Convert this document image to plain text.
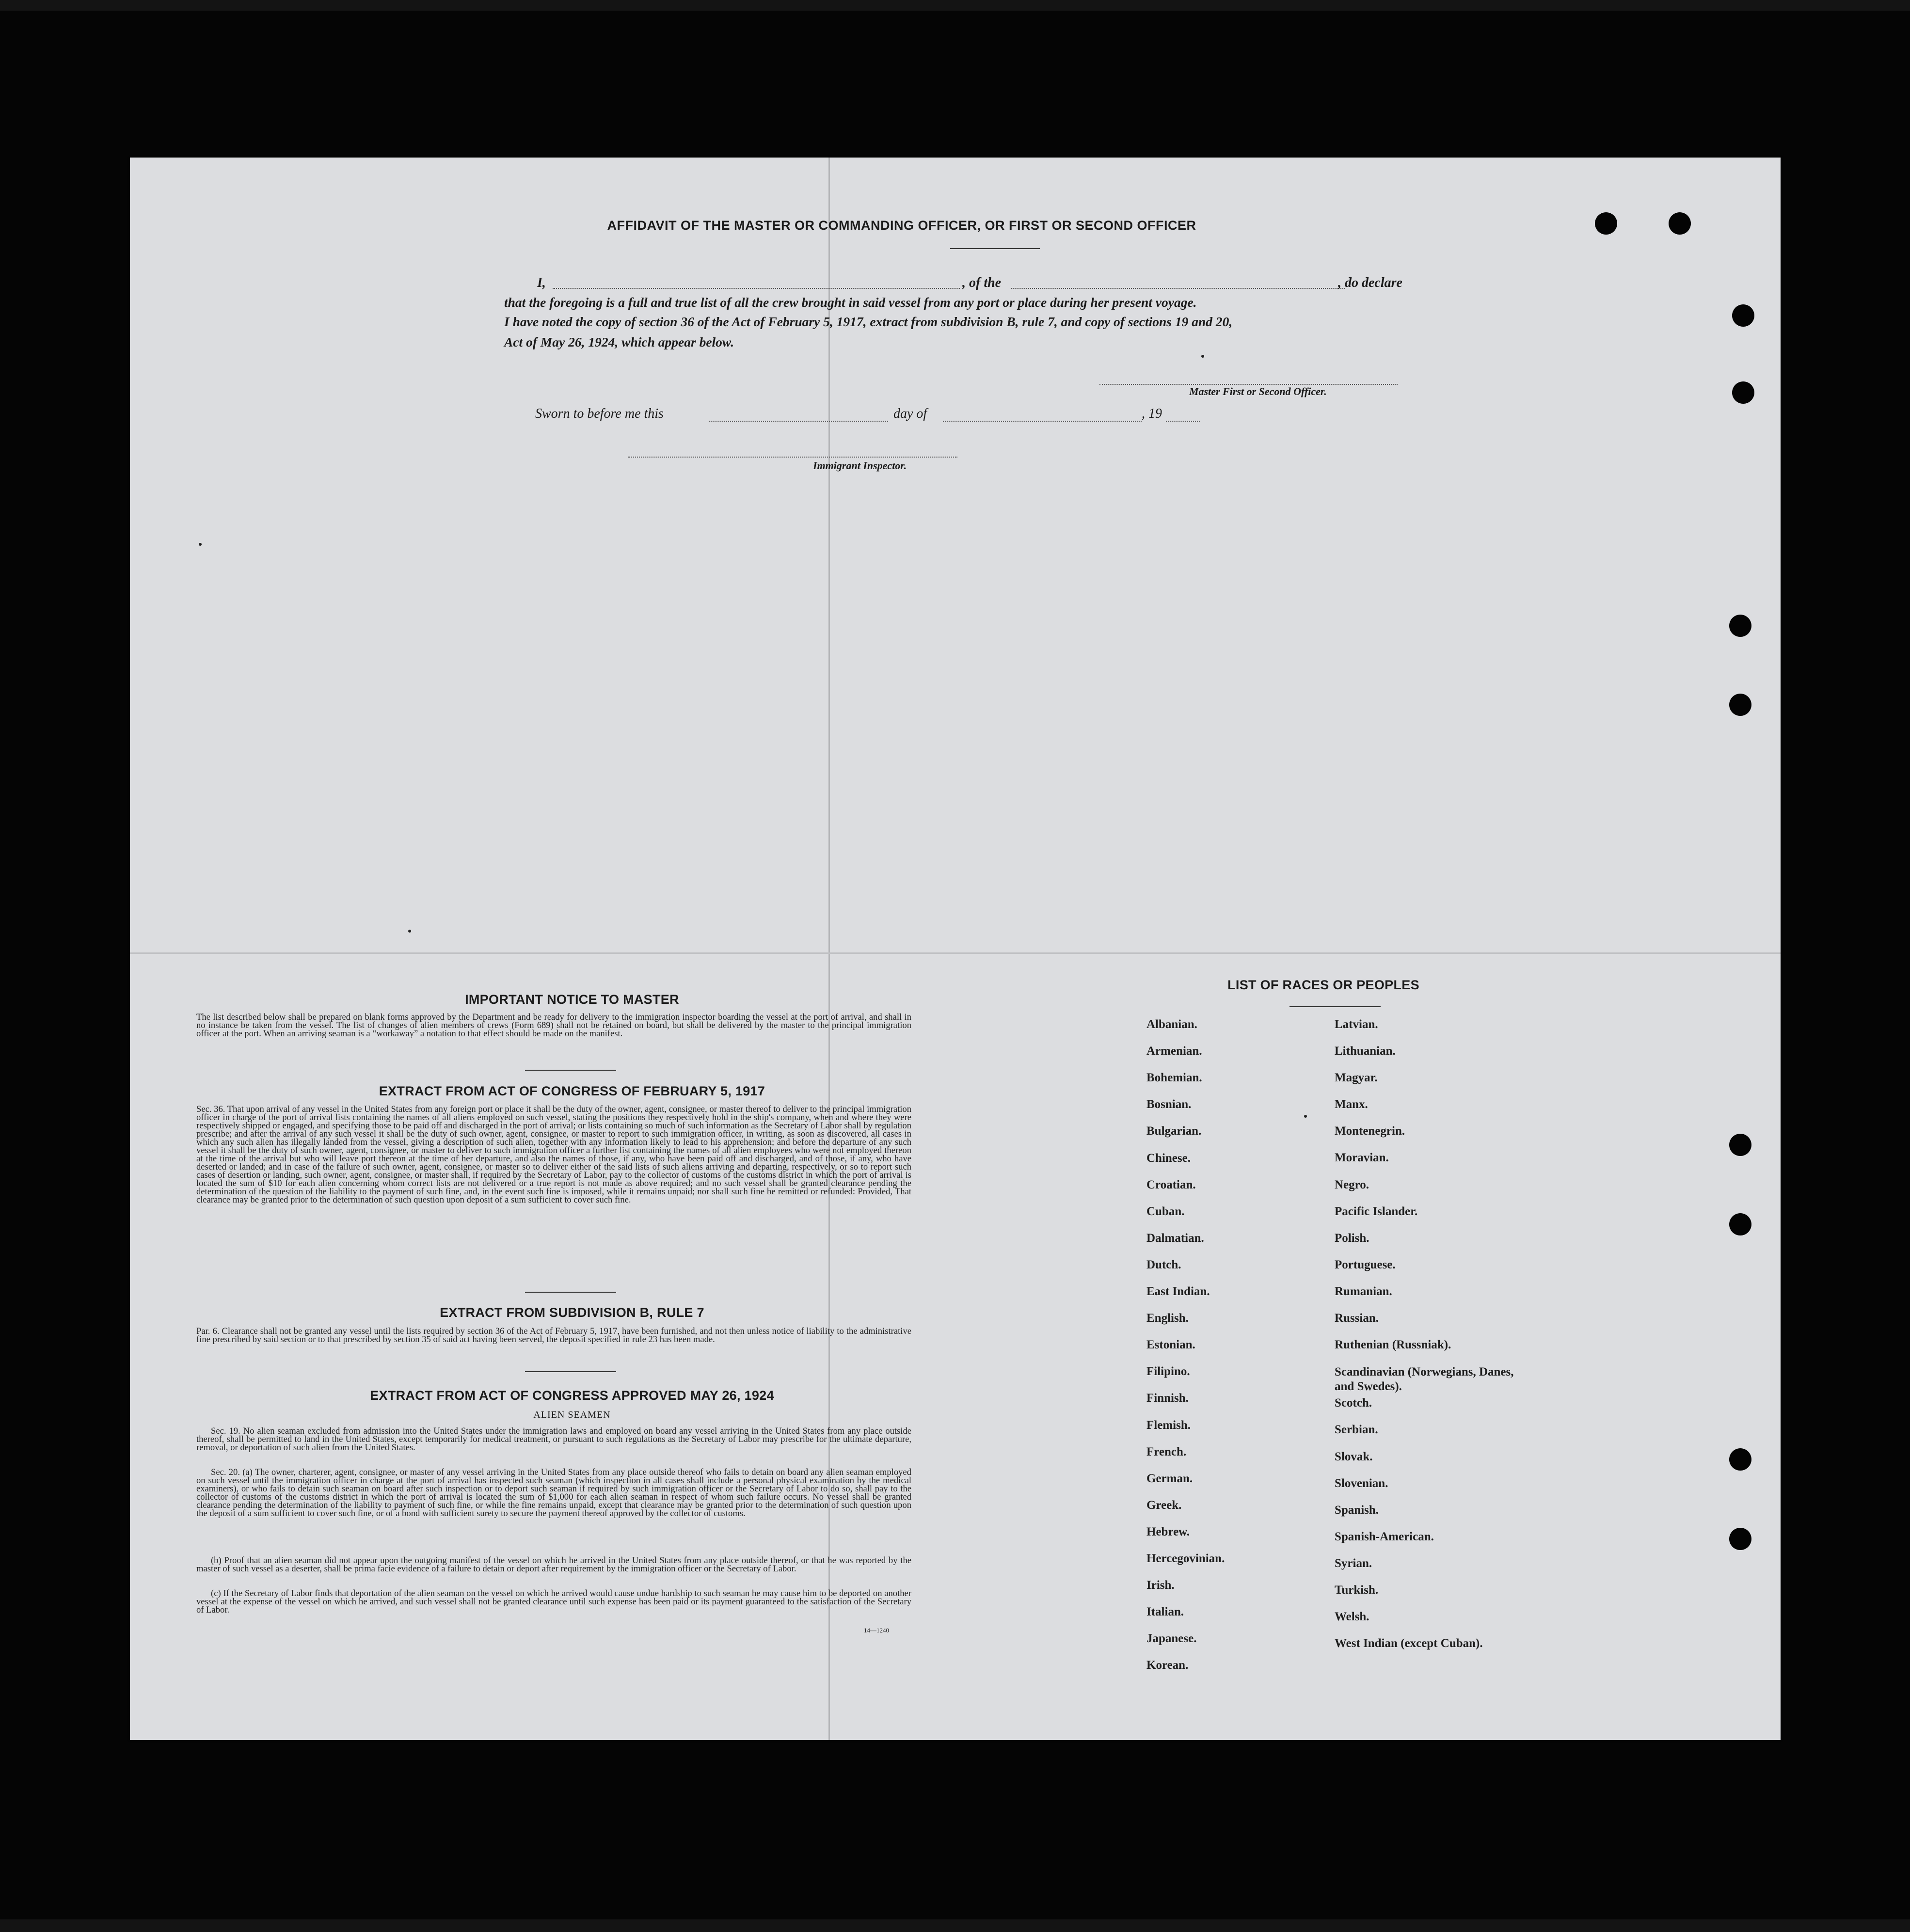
AFFIDAVIT OF THE MASTER OR COMMANDING OFFICER, OR FIRST OR SECOND OFFICER
I,	, of the	, do declare
that the foregoing is a full and true list of all the crew brought in said vessel from any port or place during her present voyage.
I have noted the copy of section 36 of the Act of February 5, 1917, extract from subdivision B, rule 7, and copy of sections 19 and 20,
Act of May 26, 1924, which appear below.
Master First or Second Officer.
Sworn to before me this	day of	, 19
Immigrant Inspector.
IMPORTANT NOTICE TO MASTER
The list described below shall be prepared on blank forms approved by the Department and be ready for delivery to the immigration inspector boarding the vessel at the port of arrival, and shall in no instance be taken from the vessel. The list of changes of alien members of crews (Form 689) shall not be retained on board, but shall be delivered by the master to the principal immigration officer at the port. When an arriving seaman is a “workaway” a notation to that effect should be made on the manifest.
EXTRACT FROM ACT OF CONGRESS OF FEBRUARY 5, 1917
Sec. 36. That upon arrival of any vessel in the United States from any foreign port or place it shall be the duty of the owner, agent, consignee, or master thereof to deliver to the principal immigration officer in charge of the port of arrival lists containing the names of all aliens employed on such vessel, stating the positions they respectively hold in the ship's company, when and where they were respectively shipped or engaged, and specifying those to be paid off and discharged in the port of arrival; or lists containing so much of such information as the Secretary of Labor shall by regulation prescribe; and after the arrival of any such vessel it shall be the duty of such owner, agent, consignee, or master to report to such immigration officer, in writing, as soon as discovered, all cases in which any such alien has illegally landed from the vessel, giving a description of such alien, together with any information likely to lead to his apprehension; and before the departure of any such vessel it shall be the duty of such owner, agent, consignee, or master to deliver to such immigration officer a further list containing the names of all alien employees who were not employed thereon at the time of the arrival but who will leave port thereon at the time of her departure, and also the names of those, if any, who have been paid off and discharged, and of those, if any, who have deserted or landed; and in case of the failure of such owner, agent, consignee, or master so to deliver either of the said lists of such aliens arriving and departing, respectively, or so to report such cases of desertion or landing, such owner, agent, consignee, or master shall, if required by the Secretary of Labor, pay to the collector of customs of the customs district in which the port of arrival is located the sum of $10 for each alien concerning whom correct lists are not delivered or a true report is not made as above required; and no such vessel shall be granted clearance pending the determination of the question of the liability to the payment of such fine, and, in the event such fine is imposed, while it remains unpaid; nor shall such fine be remitted or refunded: Provided, That clearance may be granted prior to the determination of such question upon deposit of a sum sufficient to cover such fine.
EXTRACT FROM SUBDIVISION B, RULE 7
Par. 6. Clearance shall not be granted any vessel until the lists required by section 36 of the Act of February 5, 1917, have been furnished, and not then unless notice of liability to the administrative fine prescribed by said section or to that prescribed by section 35 of said act having been served, the deposit specified in rule 23 has been made.
EXTRACT FROM ACT OF CONGRESS APPROVED MAY 26, 1924
ALIEN SEAMEN
Sec. 19. No alien seaman excluded from admission into the United States under the immigration laws and employed on board any vessel arriving in the United States from any place outside thereof, shall be permitted to land in the United States, except temporarily for medical treatment, or pursuant to such regulations as the Secretary of Labor may prescribe for the ultimate departure, removal, or deportation of such alien from the United States.
Sec. 20. (a) The owner, charterer, agent, consignee, or master of any vessel arriving in the United States from any place outside thereof who fails to detain on board any alien seaman employed on such vessel until the immigration officer in charge at the port of arrival has inspected such seaman (which inspection in all cases shall include a personal physical examination by the medical examiners), or who fails to detain such seaman on board after such inspection or to deport such seaman if required by such immigration officer or the Secretary of Labor to do so, shall pay to the collector of customs of the customs district in which the port of arrival is located the sum of $1,000 for each alien seaman in respect of whom such failure occurs. No vessel shall be granted clearance pending the determination of the liability to payment of such fine, or while the fine remains unpaid, except that clearance may be granted prior to the determination of such question upon the deposit of a sum sufficient to cover such fine, or of a bond with sufficient surety to secure the payment thereof approved by the collector of customs.
(b) Proof that an alien seaman did not appear upon the outgoing manifest of the vessel on which he arrived in the United States from any place outside thereof, or that he was reported by the master of such vessel as a deserter, shall be prima facie evidence of a failure to detain or deport after requirement by the immigration officer or the Secretary of Labor.
(c) If the Secretary of Labor finds that deportation of the alien seaman on the vessel on which he arrived would cause undue hardship to such seaman he may cause him to be deported on another vessel at the expense of the vessel on which he arrived, and such vessel shall not be granted clearance until such expense has been paid or its payment guaranteed to the satisfaction of the Secretary of Labor.
14—1240
LIST OF RACES OR PEOPLES
Albanian.
Armenian.
Bohemian.
Bosnian.
Bulgarian.
Chinese.
Croatian.
Cuban.
Dalmatian.
Dutch.
East Indian.
English.
Estonian.
Filipino.
Finnish.
Flemish.
French.
German.
Greek.
Hebrew.
Hercegovinian.
Irish.
Italian.
Japanese.
Korean.
Latvian.
Lithuanian.
Magyar.
Manx.
Montenegrin.
Moravian.
Negro.
Pacific Islander.
Polish.
Portuguese.
Rumanian.
Russian.
Ruthenian (Russniak).
Scandinavian (Norwegians, Danes, and Swedes).
Scotch.
Serbian.
Slovak.
Slovenian.
Spanish.
Spanish-American.
Syrian.
Turkish.
Welsh.
West Indian (except Cuban).
